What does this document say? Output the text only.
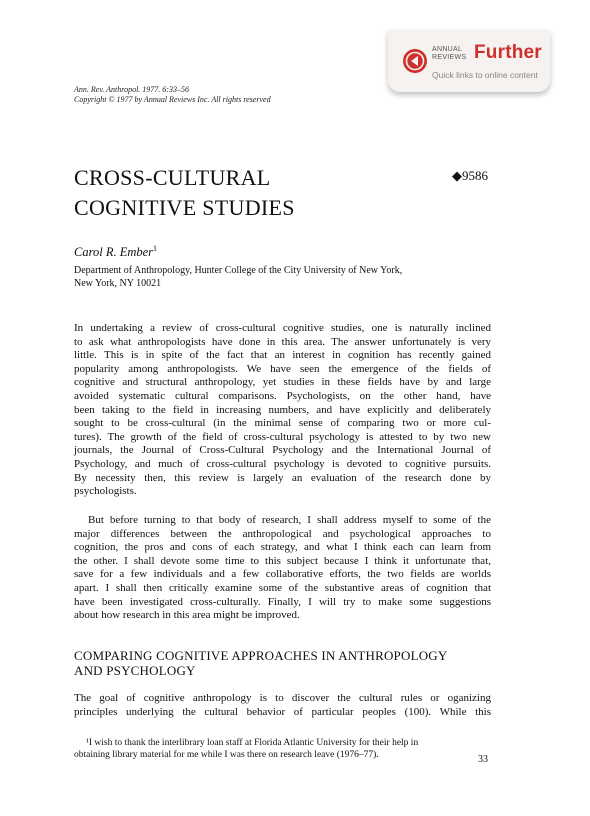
ANNUAL
REVIEWS Further
Quick links to online content
Ann. Rev. Anthropol. 1977. 6:33–56
Copyright © 1977 by Annual Reviews Inc. All rights reserved
CROSS-CULTURAL
COGNITIVE STUDIES
◆9586
Carol R. Ember$^1$
Department of Anthropology, Hunter College of the City University of New York,
New York, NY 10021
In undertaking a review of cross-cultural cognitive studies, one is naturally inclined
to ask what anthropologists have done in this area. The answer unfortunately is very
little. This is in spite of the fact that an interest in cognition has recently gained
popularity among anthropologists. We have seen the emergence of the fields of
cognitive and structural anthropology, yet studies in these fields have by and large
avoided systematic cultural comparisons. Psychologists, on the other hand, have
been taking to the field in increasing numbers, and have explicitly and deliberately
sought to be cross-cultural (in the minimal sense of comparing two or more cul-
tures). The growth of the field of cross-cultural psychology is attested to by two new
journals, the Journal of Cross-Cultural Psychology and the International Journal of
Psychology, and much of cross-cultural psychology is devoted to cognitive pursuits.
By necessity then, this review is largely an evaluation of the research done by
psychologists.
But before turning to that body of research, I shall address myself to some of the
major differences between the anthropological and psychological approaches to
cognition, the pros and cons of each strategy, and what I think each can learn from
the other. I shall devote some time to this subject because I think it unfortunate that,
save for a few individuals and a few collaborative efforts, the two fields are worlds
apart. I shall then critically examine some of the substantive areas of cognition that
have been investigated cross-culturally. Finally, I will try to make some suggestions
about how research in this area might be improved.
COMPARING COGNITIVE APPROACHES IN ANTHROPOLOGY
AND PSYCHOLOGY
The goal of cognitive anthropology is to discover the cultural rules or oganizing
principles underlying the cultural behavior of particular peoples (100). While this
¹I wish to thank the interlibrary loan staff at Florida Atlantic University for their help in
obtaining library material for me while I was there on research leave (1976–77).	33
